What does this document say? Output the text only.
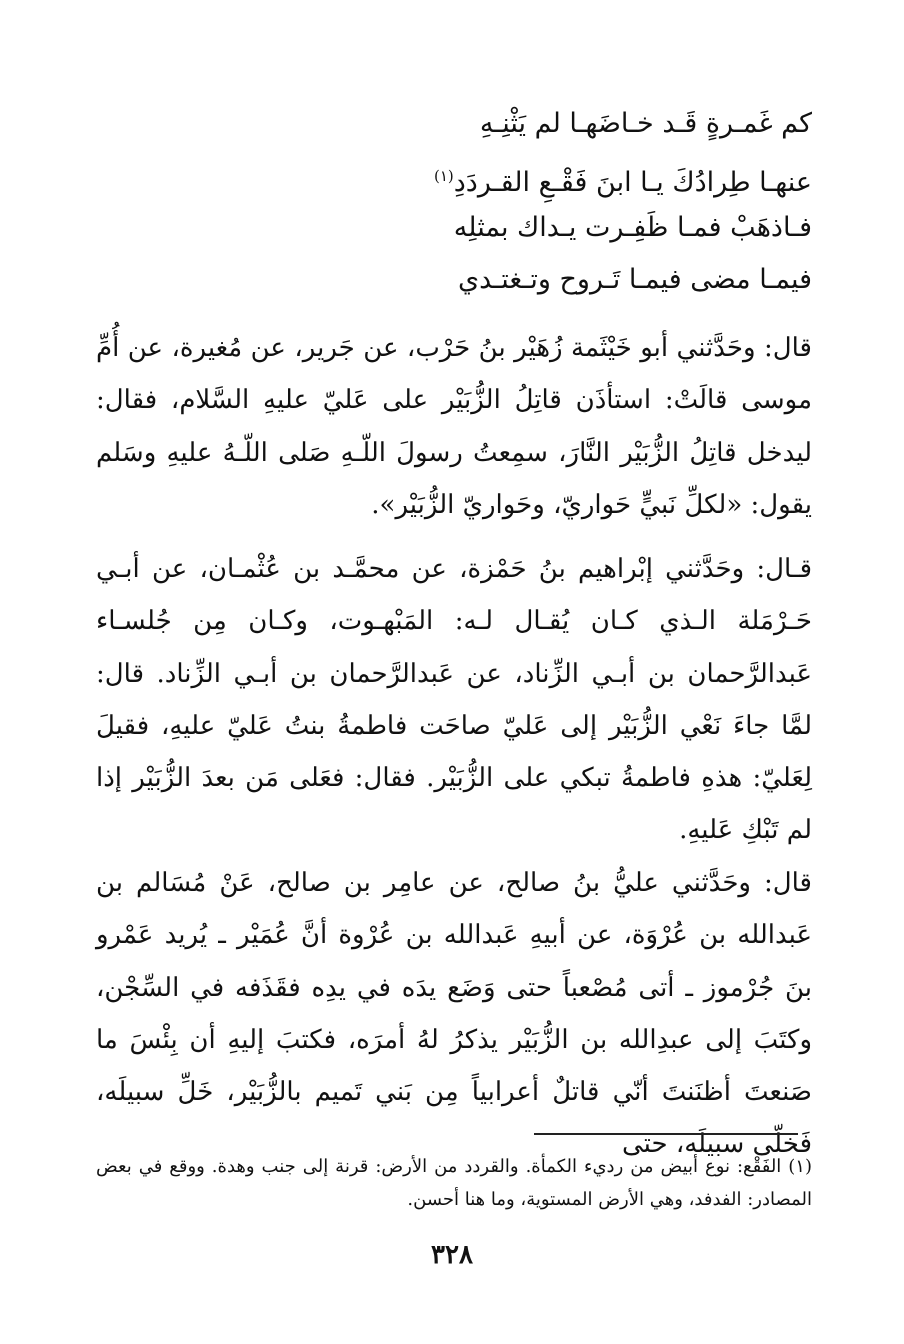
كم غَمـرةٍ قَـد خـاضَهـا لم يَثْنِـهِ
عنهـا طِرادُكَ يـا ابنَ فَقْـعِ القـردَدِ$^{(١)}$
فـاذهَبْ فمـا ظَفِـرت يـداك بمثلِه
فيمـا مضى فيمـا تَـروح وتـغتـدي

قال: وحَدَّثني أبو خَيْثَمة زُهَيْر بنُ حَرْب، عن جَرير، عن مُغيرة، عن أُمِّ موسى قالَتْ: استأذَن قاتِلُ الزُّبَيْر على عَليّ عليهِ السَّلام، فقال: ليدخل قاتِلُ الزُّبَيْر النَّارَ، سمِعتُ رسولَ اللّـهِ صَلى اللّـهُ عليهِ وسَلم يقول: «لكلِّ نَبيٍّ حَواريّ، وحَواريّ الزُّبَيْر».

قـال: وحَدَّثني إبْراهيم بنُ حَمْزة، عن محمَّـد بن عُثْمـان، عن أبـي حَـرْمَلة الـذي كـان يُقـال لـه: المَبْهـوت، وكـان مِن جُلسـاء عَبدالرَّحمان بن أبـي الزِّناد، عن عَبدالرَّحمان بن أبـي الزِّناد. قال: لمَّا جاءَ نَعْي الزُّبَيْر إلى عَليّ صاحَت فاطمةُ بنتُ عَليّ عليهِ، فقيلَ لِعَليّ: هذهِ فاطمةُ تبكي على الزُّبَيْر. فقال: فعَلى مَن بعدَ الزُّبَيْر إذا لم تَبْكِ عَليهِ.

قال: وحَدَّثني عليُّ بنُ صالح، عن عامِر بن صالح، عَنْ مُسَالم بن عَبدالله بن عُرْوَة، عن أبيهِ عَبدالله بن عُرْوة أنَّ عُمَيْر ـ يُريد عَمْرو بنَ جُرْموز ـ أتى مُصْعباً حتى وَضَع يدَه في يدِه فقَذَفه في السِّجْن، وكتَبَ إلى عبدِالله بن الزُّبَيْر يذكرُ لهُ أمرَه، فكتبَ إليهِ أن بِئْسَ ما صَنعتَ أظنَنتَ أنّي قاتلٌ أعرابياً مِن بَني تَميم بالزُّبَيْر، خَلِّ سبيلَه، فَخلّى سبيلَه، حتى

(١) الفَقْع: نوع أبيض من رديء الكمأة. والقردد من الأرض: قرنة إلى جنب وهدة. ووقع في بعض المصادر: الفدفد، وهي الأرض المستوية، وما هنا أحسن.

٣٢٨
